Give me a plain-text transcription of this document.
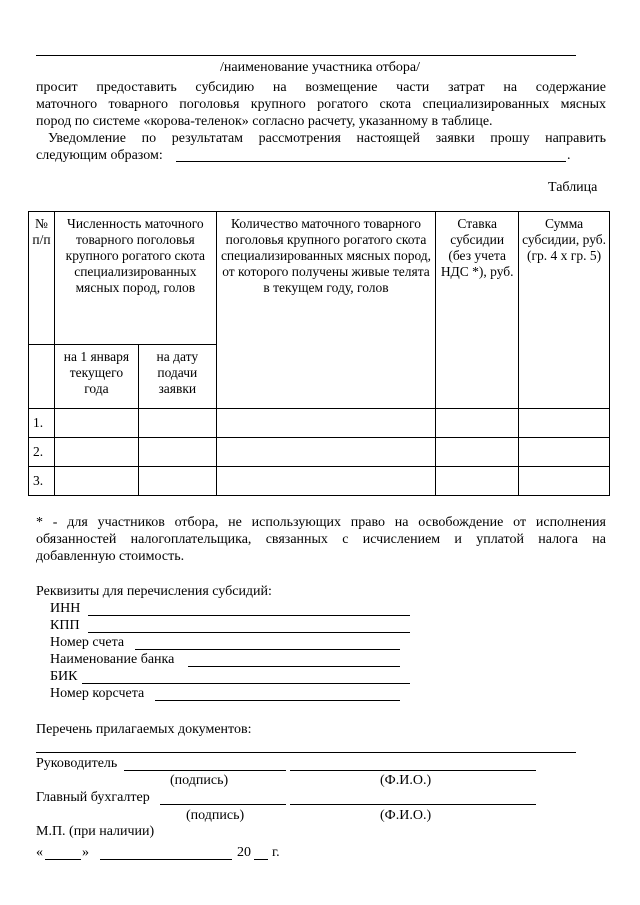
/наименование участника отбора/
просит предоставить субсидию на возмещение части затрат на содержание
маточного товарного поголовья крупного рогатого скота специализированных мясных
пород по системе «корова-теленок» согласно расчету, указанному в таблице.
Уведомление по результатам рассмотрения настоящей заявки прошу направить
следующим образом:	.
Таблица
№ п/п	Численность маточного товарного поголовья крупного рогатого скота специализированных мясных пород, голов		Количество маточного товарного поголовья крупного рогатого скота специализированных мясных пород, от которого получены живые телята в текущем году, голов	Ставка субсидии (без учета НДС *), руб.	Сумма субсидии, руб. (гр. 4 х гр. 5)
	на 1 января текущего года	на дату подачи заявки			
1.					
2.					
3.					
* - для участников отбора, не использующих право на освобождение от исполнения
обязанностей налогоплательщика, связанных с исчислением и уплатой налога на
добавленную стоимость.
Реквизиты для перечисления субсидий:
ИНН
КПП
Номер счета
Наименование банка
БИК
Номер корсчета
Перечень прилагаемых документов:
Руководитель
(подпись)	(Ф.И.О.)
Главный бухгалтер
(подпись)	(Ф.И.О.)
М.П. (при наличии)
«	»	20 г.
